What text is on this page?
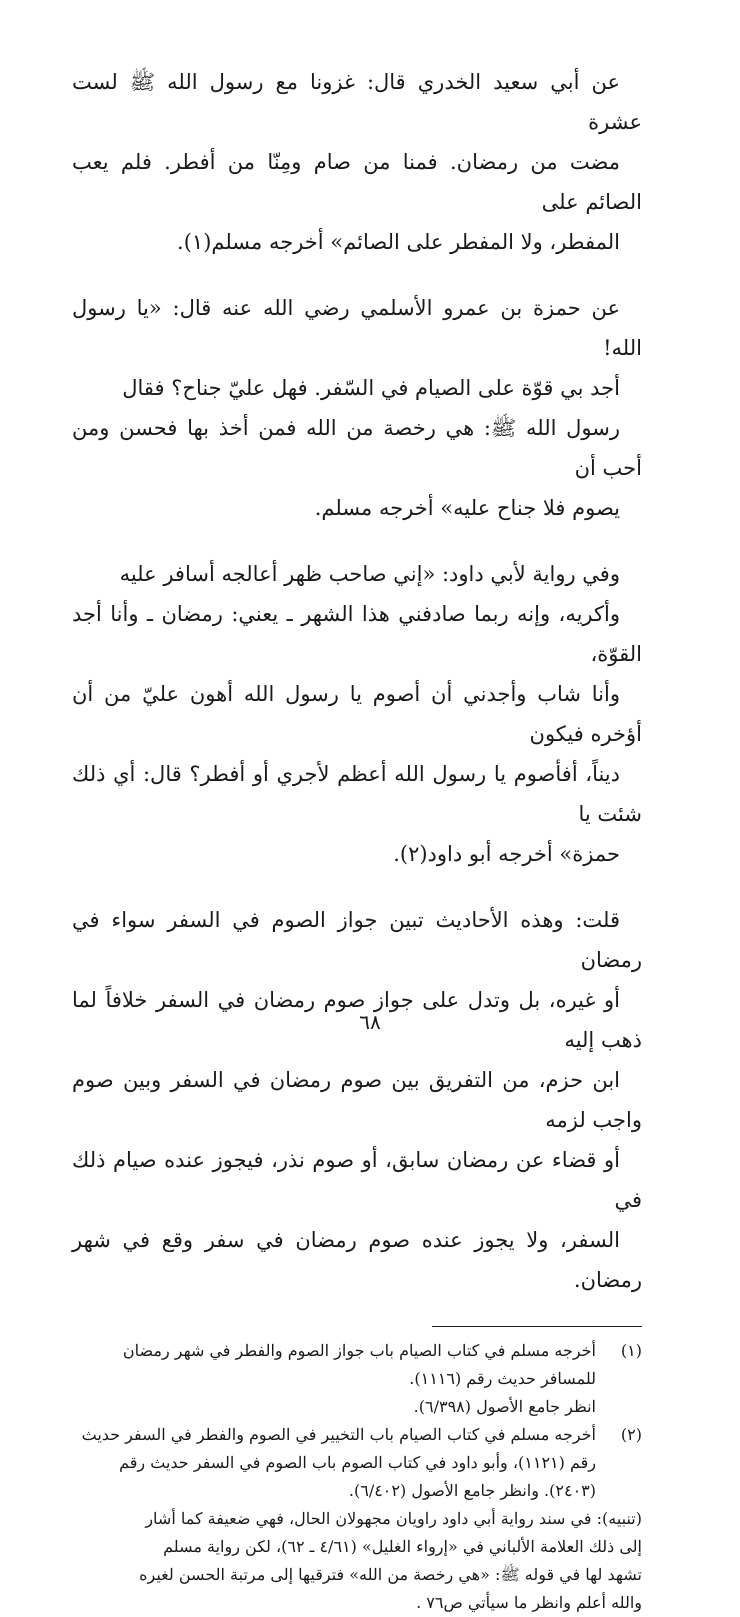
عن أبي سعيد الخدري قال: غزونا مع رسول الله ﷺ لست عشرة
مضت من رمضان. فمنا من صام ومِنّا من أفطر. فلم يعب الصائم على
المفطر، ولا المفطر على الصائم» أخرجه مسلم(١).

عن حمزة بن عمرو الأسلمي رضي الله عنه قال: «يا رسول الله!
أجد بي قوّة على الصيام في السّفر. فهل عليّ جناح؟ فقال
رسول الله ﷺ: هي رخصة من الله فمن أخذ بها فحسن ومن أحب أن
يصوم فلا جناح عليه» أخرجه مسلم.

وفي رواية لأبي داود: «إني صاحب ظهر أعالجه أسافر عليه
وأكريه، وإنه ربما صادفني هذا الشهر ـ يعني: رمضان ـ وأنا أجد القوّة،
وأنا شاب وأجدني أن أصوم يا رسول الله أهون عليّ من أن أؤخره فيكون
ديناً، أفأصوم يا رسول الله أعظم لأجري أو أفطر؟ قال: أي ذلك شئت يا
حمزة» أخرجه أبو داود(٢).

قلت: وهذه الأحاديث تبين جواز الصوم في السفر سواء في رمضان
أو غيره، بل وتدل على جواز صوم رمضان في السفر خلافاً لما ذهب إليه
ابن حزم، من التفريق بين صوم رمضان في السفر وبين صوم واجب لزمه
أو قضاء عن رمضان سابق، أو صوم نذر، فيجوز عنده صيام ذلك في
السفر، ولا يجوز عنده صوم رمضان في سفر وقع في شهر رمضان.

(١)
أخرجه مسلم في كتاب الصيام باب جواز الصوم والفطر في شهر رمضان
للمسافر حديث رقم (١١١٦).
انظر جامع الأصول (٦/٣٩٨).
(٢)
أخرجه مسلم في كتاب الصيام باب التخيير في الصوم والفطر في السفر حديث
رقم (١١٢١)، وأبو داود في كتاب الصوم باب الصوم في السفر حديث رقم
(٢٤٠٣). وانظر جامع الأصول (٦/٤٠٢).
(تنبيه): في سند رواية أبي داود راويان مجهولان الحال، فهي ضعيفة كما أشار
إلى ذلك العلامة الألباني في «إرواء الغليل» (٤/٦١ ـ ٦٢)، لكن رواية مسلم
تشهد لها في قوله ﷺ: «هي رخصة من الله» فترقيها إلى مرتبة الحسن لغيره
والله أعلم وانظر ما سيأتي ص٧٦ .
٦٨
